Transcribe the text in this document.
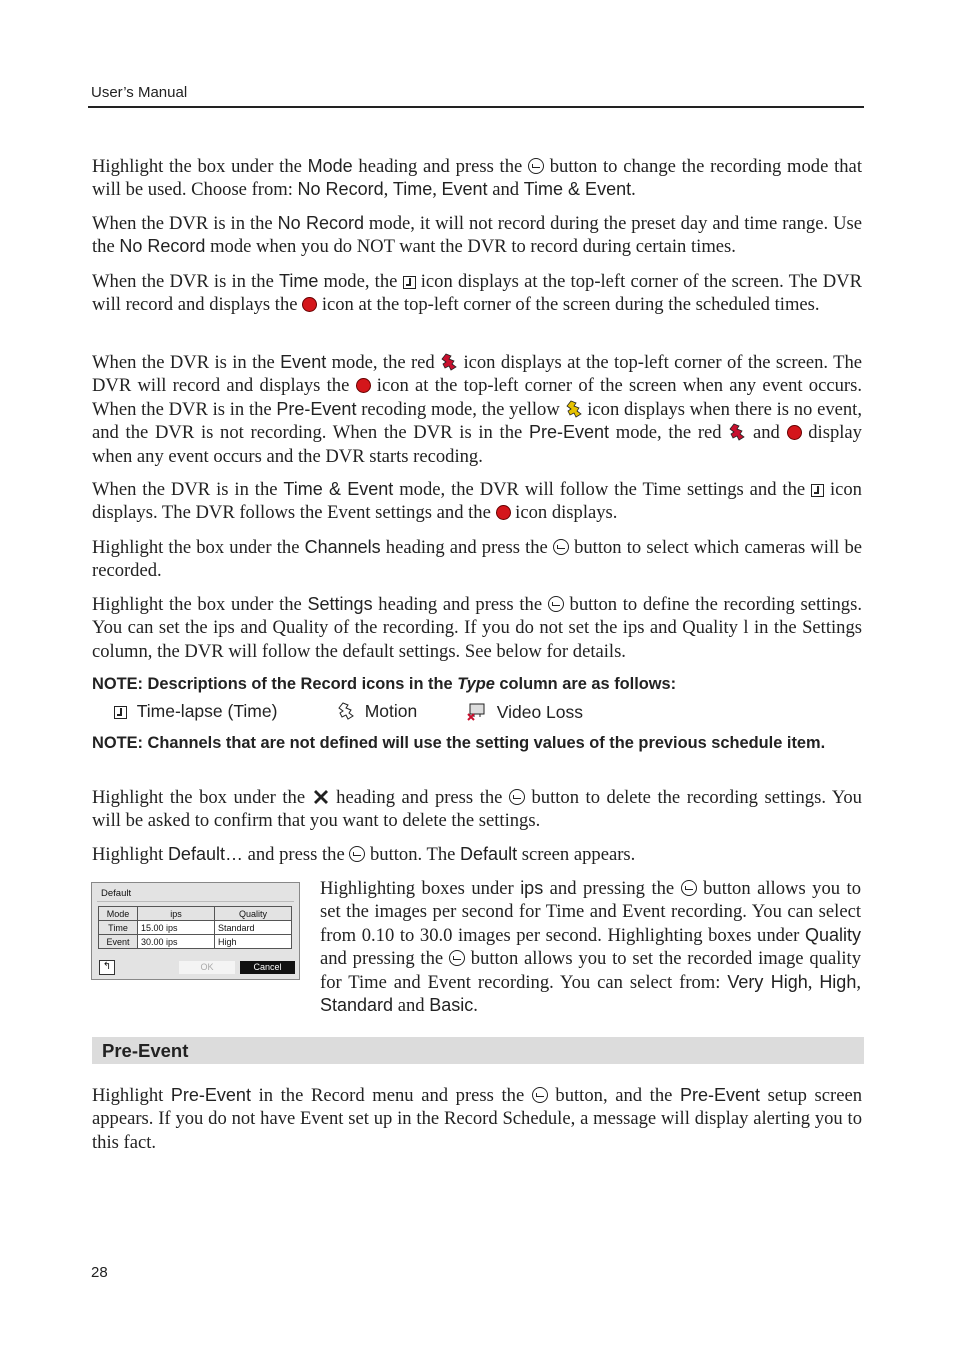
User’s Manual
Highlight the box under the Mode heading and press the  button to change the recording mode that will be used. Choose from: No Record, Time, Event and Time & Event.
When the DVR is in the No Record mode, it will not record during the preset day and time range. Use the No Record mode when you do NOT want the DVR to record during certain times.
When the DVR is in the Time mode, the  icon displays at the top-left corner of the screen. The DVR will record and displays the  icon at the top-left corner of the screen during the scheduled times.
When the DVR is in the Event mode, the red  icon displays at the top-left corner of the screen. The DVR will record and displays the  icon at the top-left corner of the screen when any event occurs. When the DVR is in the Pre-Event recoding mode, the yellow  icon displays when there is no event, and the DVR is not recording. When the DVR is in the Pre-Event mode, the red  and  display when any event occurs and the DVR starts recoding.
When the DVR is in the Time & Event mode, the DVR will follow the Time settings and the  icon displays. The DVR follows the Event settings and the  icon displays.
Highlight the box under the Channels heading and press the  button to select which cameras will be recorded.
Highlight the box under the Settings heading and press the  button to define the recording settings. You can set the ips and Quality of the recording. If you do not set the ips and Quality l in the Settings column, the DVR will follow the default settings. See below for details.
NOTE: Descriptions of the Record icons in the Type column are as follows:
Time-lapse (Time)	Motion	Video Loss
NOTE: Channels that are not defined will use the setting values of the previous schedule item.
Highlight the box under the  heading and press the  button to delete the recording settings. You will be asked to confirm that you want to delete the settings.
Highlight Default… and press the  button. The Default screen appears.
Default
Mode	ips	Quality
Time	15.00 ips	Standard
Event	30.00 ips	High
↰	OK	Cancel
Highlighting boxes under ips and pressing the  button allows you to set the images per second for Time and Event recording. You can select from 0.10 to 30.0 images per second. Highlighting boxes under Quality and pressing the  button allows you to set the recorded image quality for Time and Event recording. You can select from: Very High, High, Standard and Basic.
Pre-Event
Highlight Pre-Event in the Record menu and press the  button, and the Pre-Event setup screen appears. If you do not have Event set up in the Record Schedule, a message will display alerting you to this fact.
28
